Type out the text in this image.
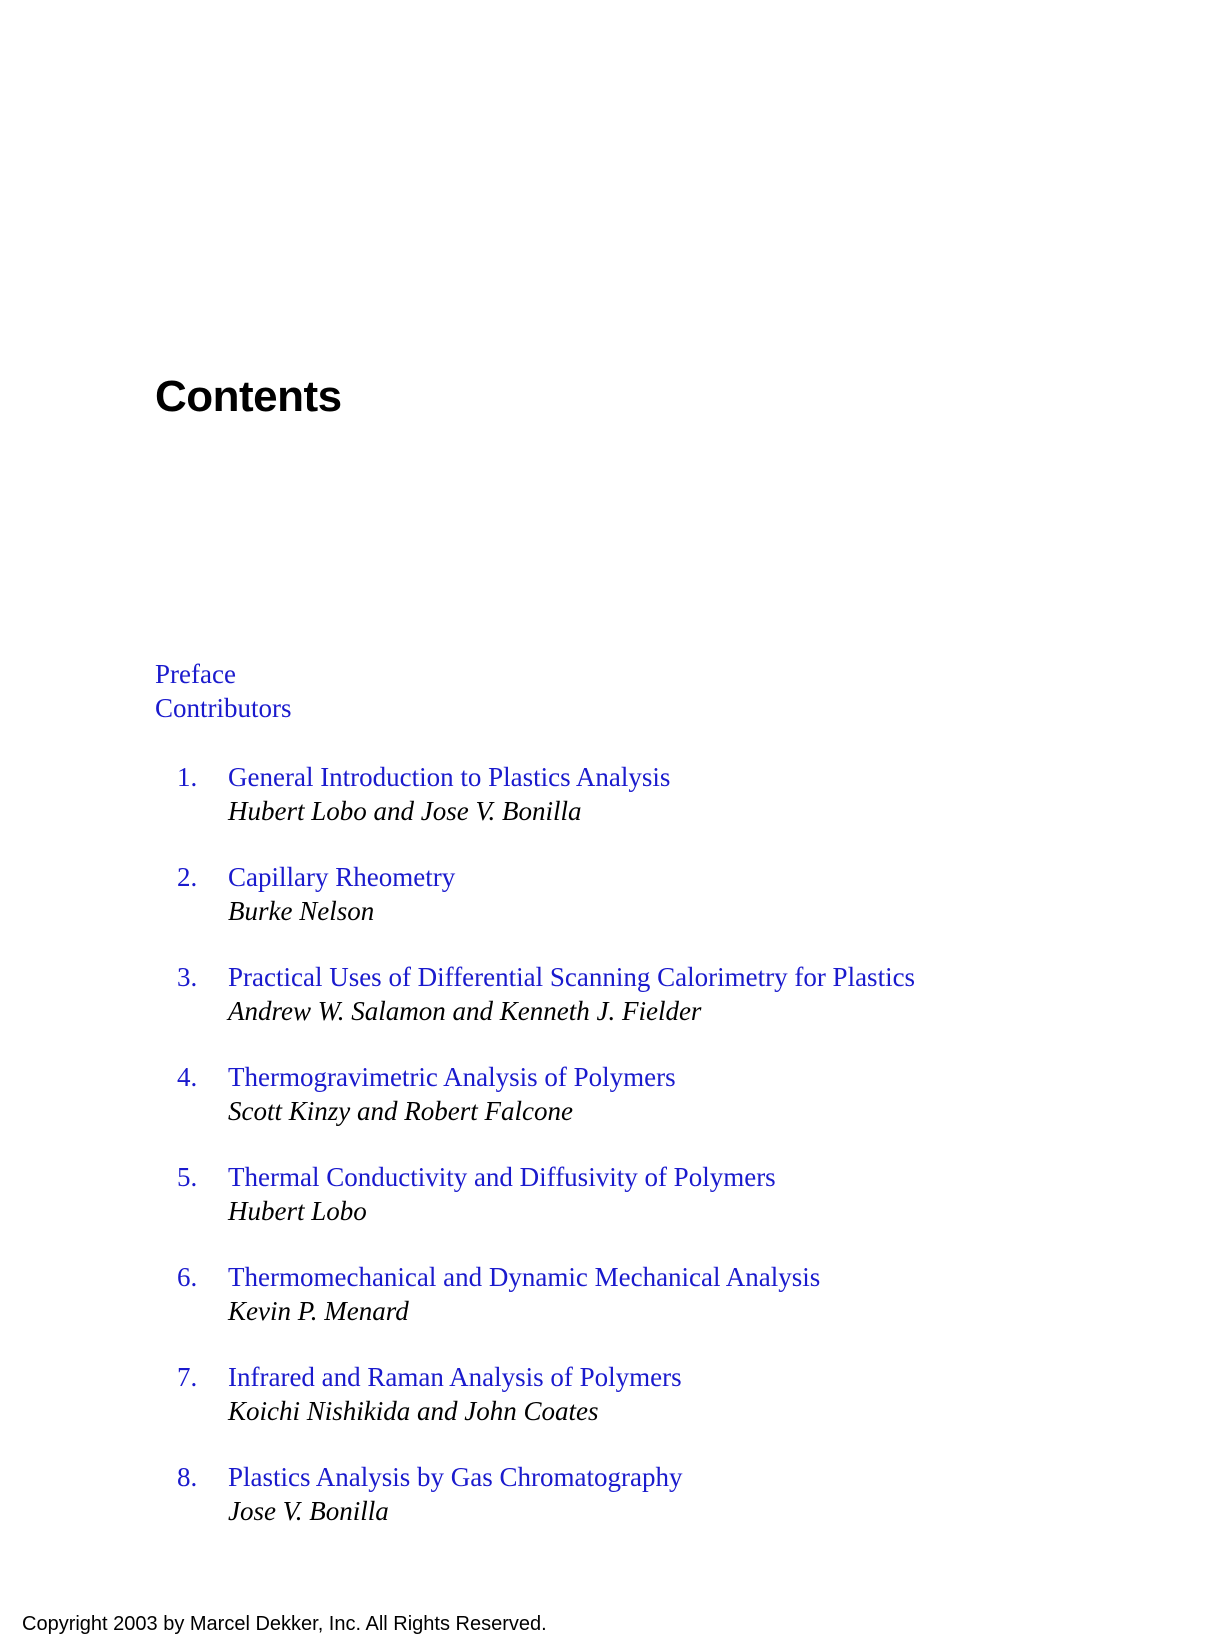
Contents
Preface
Contributors
1. General Introduction to Plastics Analysis
Hubert Lobo and Jose V. Bonilla
2. Capillary Rheometry
Burke Nelson
3. Practical Uses of Differential Scanning Calorimetry for Plastics
Andrew W. Salamon and Kenneth J. Fielder
4. Thermogravimetric Analysis of Polymers
Scott Kinzy and Robert Falcone
5. Thermal Conductivity and Diffusivity of Polymers
Hubert Lobo
6. Thermomechanical and Dynamic Mechanical Analysis
Kevin P. Menard
7. Infrared and Raman Analysis of Polymers
Koichi Nishikida and John Coates
8. Plastics Analysis by Gas Chromatography
Jose V. Bonilla

Copyright 2003 by Marcel Dekker, Inc. All Rights Reserved.
